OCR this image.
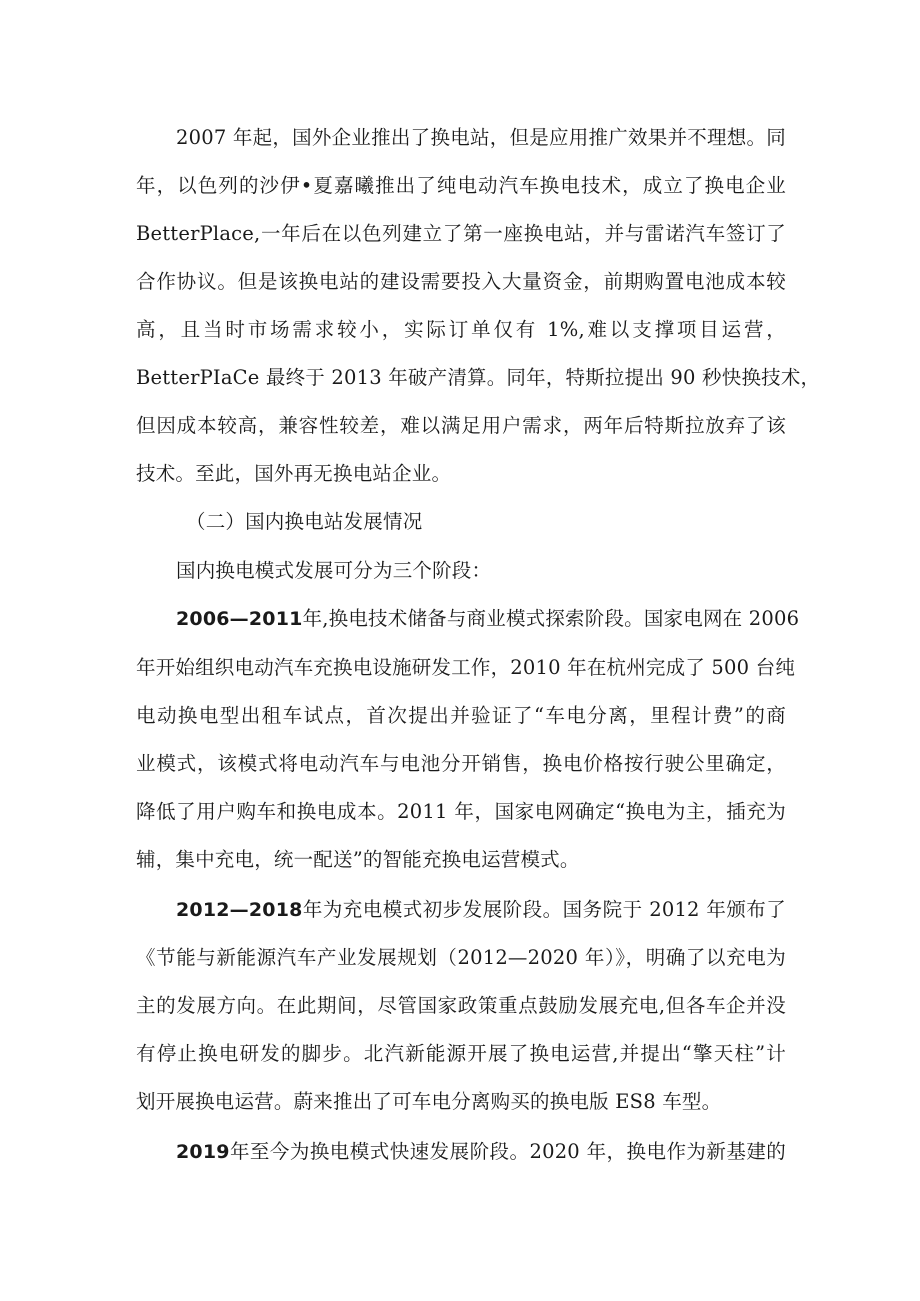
2007 年起，国外企业推出了换电站，但是应用推广效果并不理想。同
年，以色列的沙伊•夏嘉曦推出了纯电动汽车换电技术，成立了换电企业
BetterPlace,一年后在以色列建立了第一座换电站，并与雷诺汽车签订了
合作协议。但是该换电站的建设需要投入大量资金，前期购置电池成本较
高，且当时市场需求较小，实际订单仅有 1%,难以支撑项目运营，
BetterPIaCe 最终于 2013 年破产清算。同年，特斯拉提出 90 秒快换技术，
但因成本较高，兼容性较差，难以满足用户需求，两年后特斯拉放弃了该
技术。至此，国外再无换电站企业。
（二）国内换电站发展情况
国内换电模式发展可分为三个阶段：
2006—2011年,换电技术储备与商业模式探索阶段。国家电网在 2006
年开始组织电动汽车充换电设施研发工作，2010 年在杭州完成了 500 台纯
电动换电型出租车试点，首次提出并验证了“车电分离，里程计费”的商
业模式，该模式将电动汽车与电池分开销售，换电价格按行驶公里确定，
降低了用户购车和换电成本。2011 年，国家电网确定“换电为主，插充为
辅，集中充电，统一配送”的智能充换电运营模式。
2012—2018年为充电模式初步发展阶段。国务院于 2012 年颁布了
《节能与新能源汽车产业发展规划（2012—2020 年）》，明确了以充电为
主的发展方向。在此期间，尽管国家政策重点鼓励发展充电,但各车企并没
有停止换电研发的脚步。北汽新能源开展了换电运营,并提出“擎天柱”计
划开展换电运营。蔚来推出了可车电分离购买的换电版 ES8 车型。
2019年至今为换电模式快速发展阶段。2020 年，换电作为新基建的
